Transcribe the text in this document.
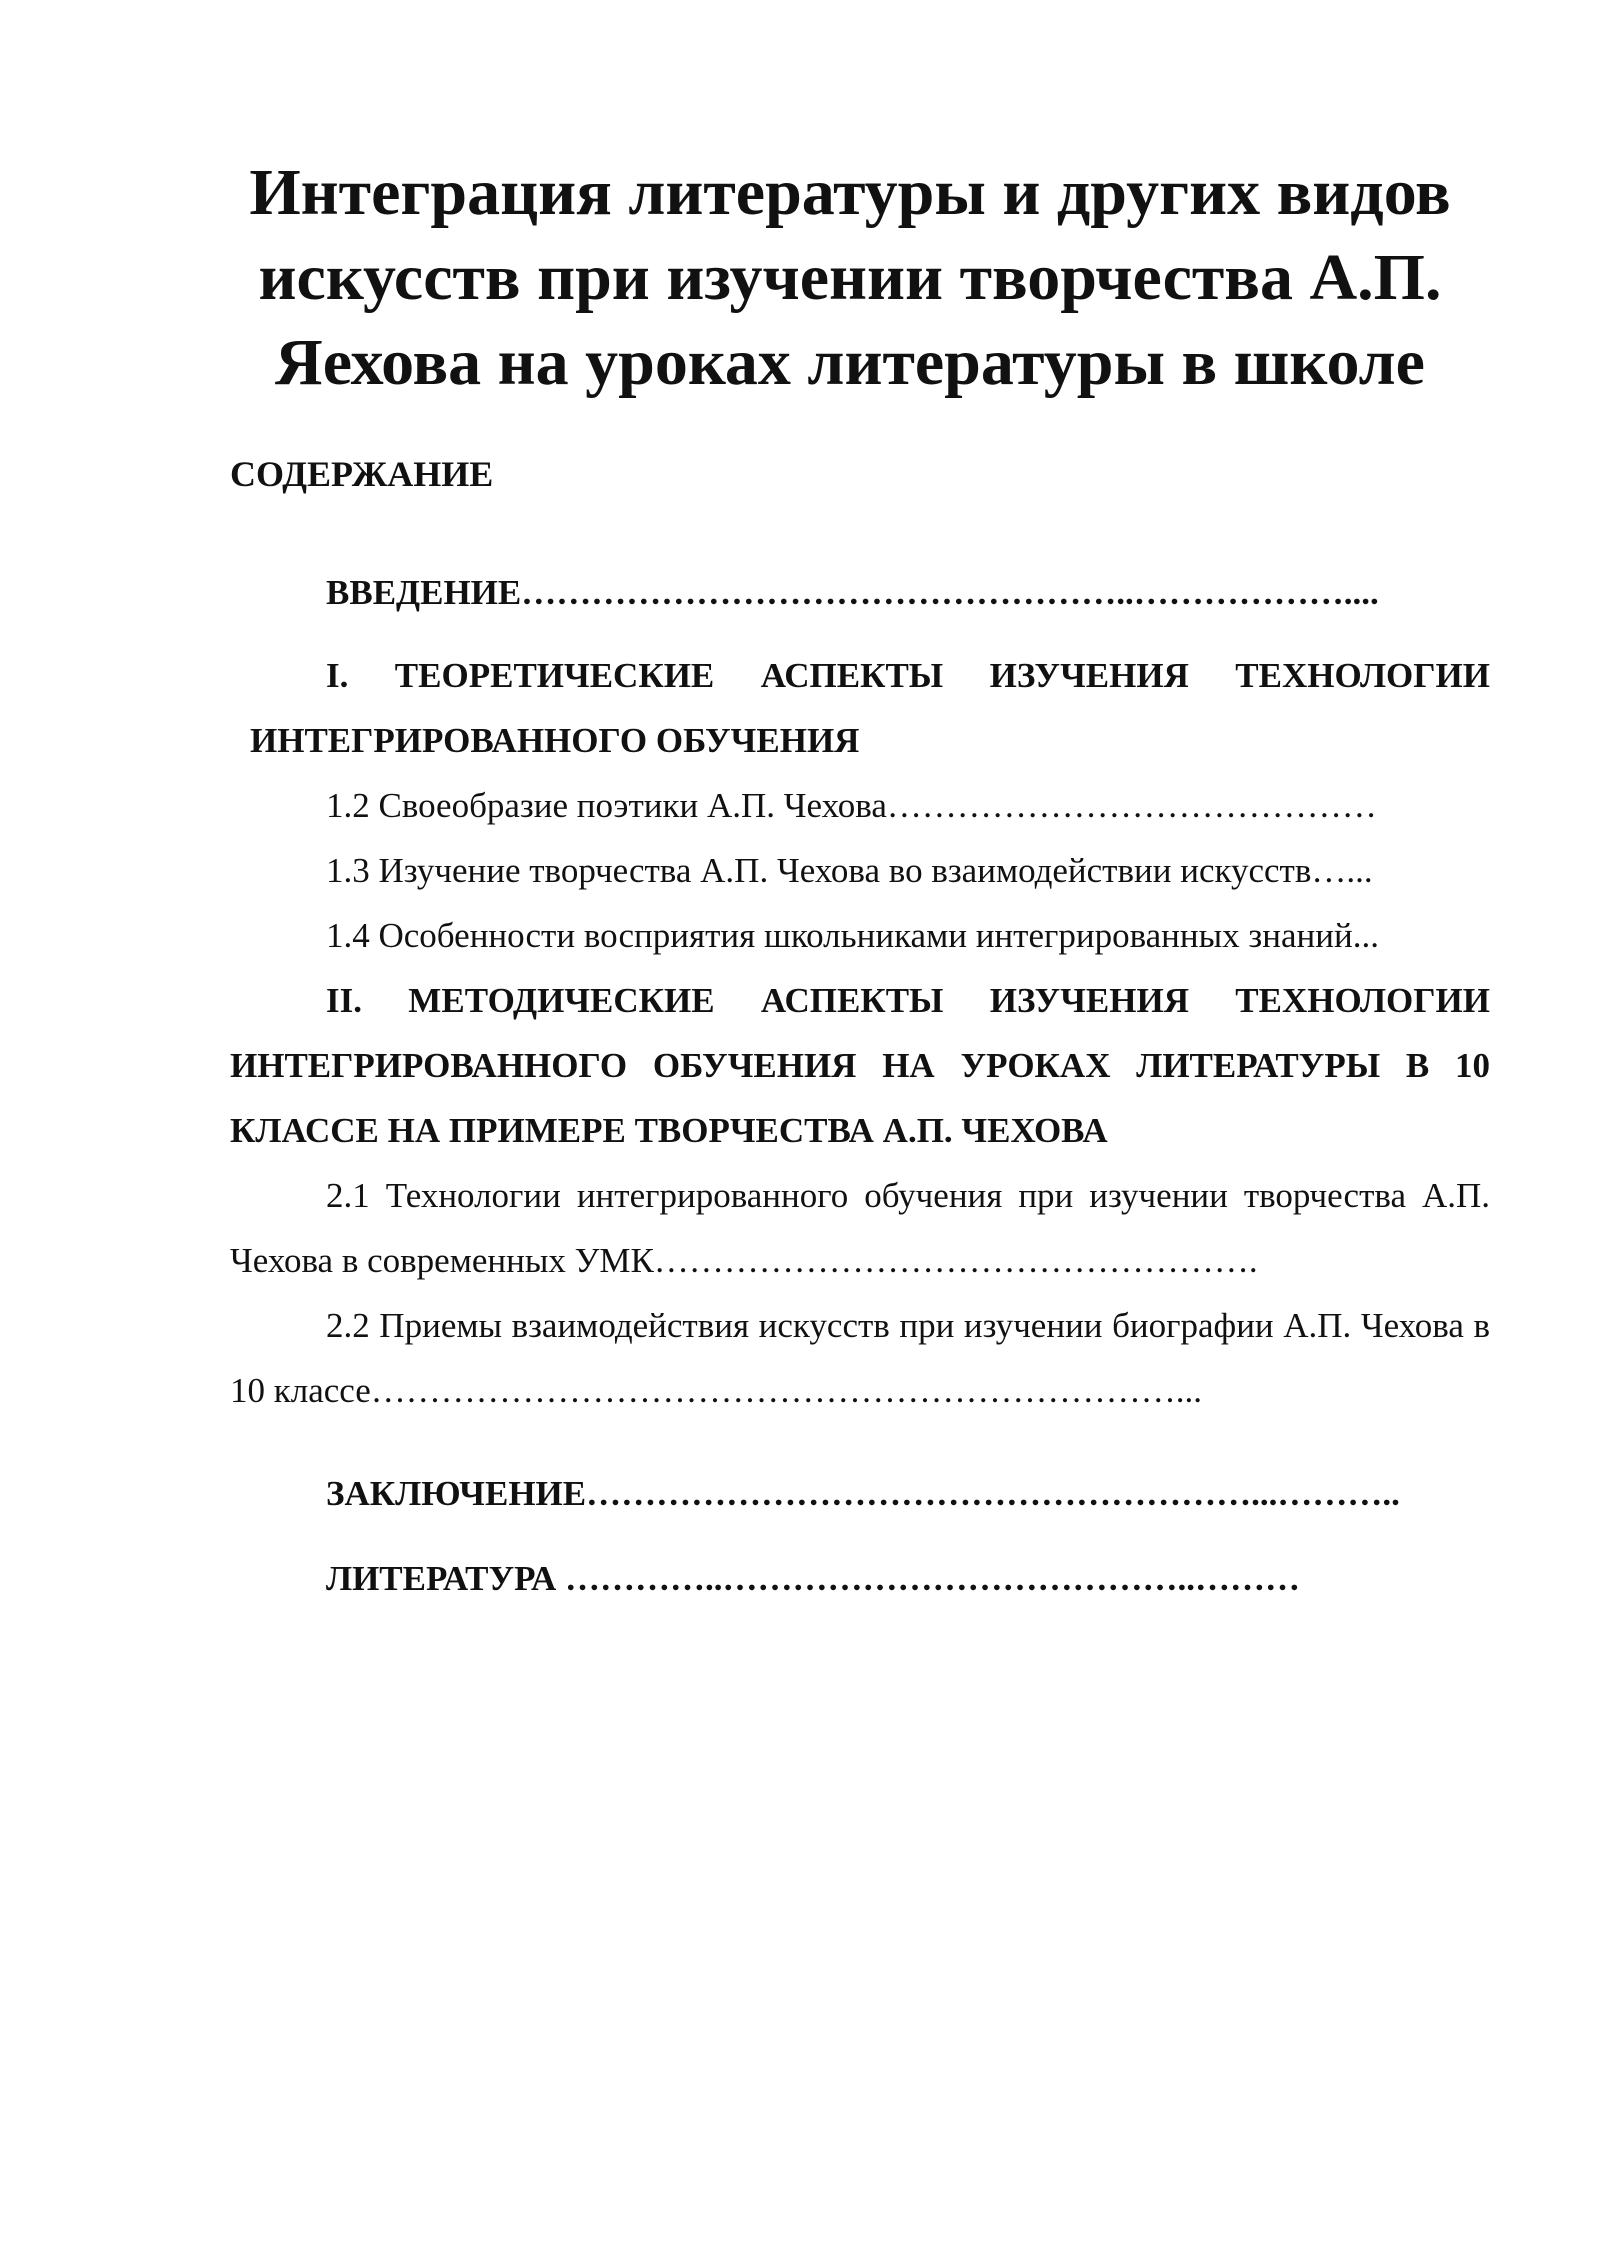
Интеграция литературы и других видов
искусств при изучении творчества А.П.
Яехова на уроках литературы в школе
СОДЕРЖАНИЕ

ВВЕДЕНИЕ……………………………………………..………………....

I. ТЕОРЕТИЧЕСКИЕ АСПЕКТЫ ИЗУЧЕНИЯ ТЕХНОЛОГИИ

ИНТЕГРИРОВАННОГО ОБУЧЕНИЯ

1.2 Своеобразие поэтики А.П. Чехова……………………………………

1.3 Изучение творчества А.П. Чехова во взаимодействии искусств…...

1.4 Особенности восприятия школьниками интегрированных знаний...

II. МЕТОДИЧЕСКИЕ АСПЕКТЫ ИЗУЧЕНИЯ ТЕХНОЛОГИИ ИНТЕГРИРОВАННОГО ОБУЧЕНИЯ НА УРОКАХ ЛИТЕРАТУРЫ В 10 КЛАССЕ НА ПРИМЕРЕ ТВОРЧЕСТВА А.П. ЧЕХОВА

2.1 Технологии интегрированного обучения при изучении творчества А.П. Чехова в современных УМК…………………………………………….

2.2 Приемы взаимодействия искусств при изучении биографии А.П. Чехова в 10 классе……………………………………………………………...

ЗАКЛЮЧЕНИЕ…………………………………………………...………..

ЛИТЕРАТУРА …………..…………………………………..………
